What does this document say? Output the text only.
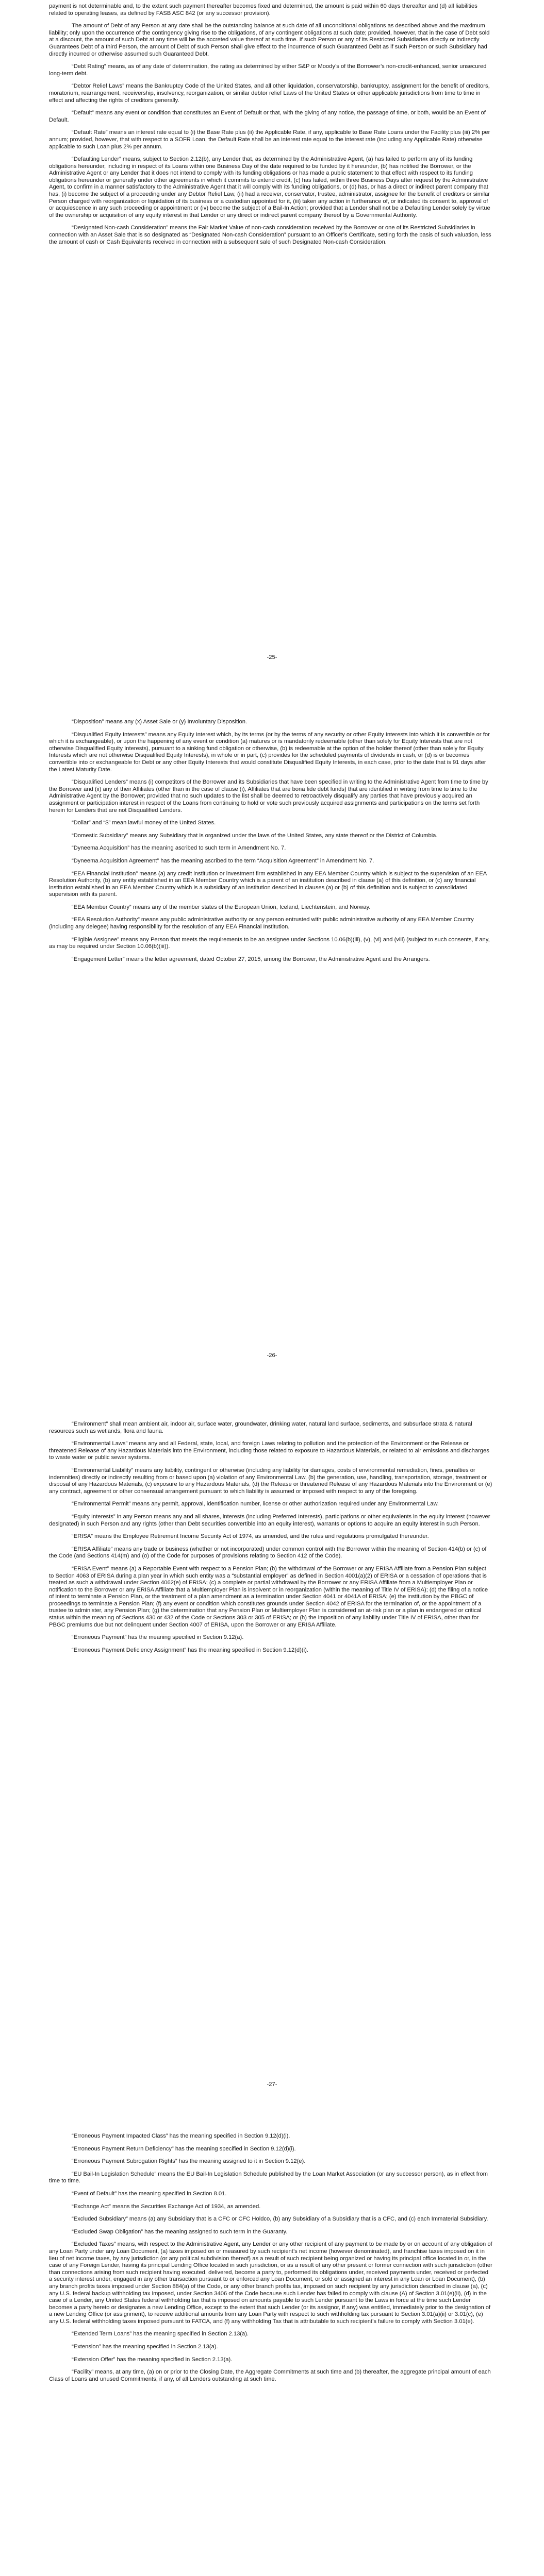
payment is not determinable and, to the extent such payment thereafter becomes fixed and determined, the amount is paid within 60 days thereafter and (d) all liabilities related to operating leases, as defined by FASB ASC 842 (or any successor provision).

The amount of Debt of any Person at any date shall be the outstanding balance at such date of all unconditional obligations as described above and the maximum liability; only upon the occurrence of the contingency giving rise to the obligations, of any contingent obligations at such date; provided, however, that in the case of Debt sold at a discount, the amount of such Debt at any time will be the accreted value thereof at such time. If such Person or any of its Restricted Subsidiaries directly or indirectly Guarantees Debt of a third Person, the amount of Debt of such Person shall give effect to the incurrence of such Guaranteed Debt as if such Person or such Subsidiary had directly incurred or otherwise assumed such Guaranteed Debt.

“Debt Rating” means, as of any date of determination, the rating as determined by either S&P or Moody’s of the Borrower’s non-credit-enhanced, senior unsecured long-term debt.

“Debtor Relief Laws” means the Bankruptcy Code of the United States, and all other liquidation, conservatorship, bankruptcy, assignment for the benefit of creditors, moratorium, rearrangement, receivership, insolvency, reorganization, or similar debtor relief Laws of the United States or other applicable jurisdictions from time to time in effect and affecting the rights of creditors generally.

“Default” means any event or condition that constitutes an Event of Default or that, with the giving of any notice, the passage of time, or both, would be an Event of Default.

“Default Rate” means an interest rate equal to (i) the Base Rate plus (ii) the Applicable Rate, if any, applicable to Base Rate Loans under the Facility plus (iii) 2% per annum; provided, however, that with respect to a SOFR Loan, the Default Rate shall be an interest rate equal to the interest rate (including any Applicable Rate) otherwise applicable to such Loan plus 2% per annum.

“Defaulting Lender” means, subject to Section 2.12(b), any Lender that, as determined by the Administrative Agent, (a) has failed to perform any of its funding obligations hereunder, including in respect of its Loans within one Business Day of the date required to be funded by it hereunder, (b) has notified the Borrower, or the Administrative Agent or any Lender that it does not intend to comply with its funding obligations or has made a public statement to that effect with respect to its funding obligations hereunder or generally under other agreements in which it commits to extend credit, (c) has failed, within three Business Days after request by the Administrative Agent, to confirm in a manner satisfactory to the Administrative Agent that it will comply with its funding obligations, or (d) has, or has a direct or indirect parent company that has, (i) become the subject of a proceeding under any Debtor Relief Law, (ii) had a receiver, conservator, trustee, administrator, assignee for the benefit of creditors or similar Person charged with reorganization or liquidation of its business or a custodian appointed for it, (iii) taken any action in furtherance of, or indicated its consent to, approval of or acquiescence in any such proceeding or appointment or (iv) become the subject of a Bail-In Action; provided that a Lender shall not be a Defaulting Lender solely by virtue of the ownership or acquisition of any equity interest in that Lender or any direct or indirect parent company thereof by a Governmental Authority.

“Designated Non-cash Consideration” means the Fair Market Value of non-cash consideration received by the Borrower or one of its Restricted Subsidiaries in connection with an Asset Sale that is so designated as “Designated Non-cash Consideration” pursuant to an Officer’s Certificate, setting forth the basis of such valuation, less the amount of cash or Cash Equivalents received in connection with a subsequent sale of such Designated Non-cash Consideration.

-25-

“Disposition” means any (x) Asset Sale or (y) Involuntary Disposition.

“Disqualified Equity Interests” means any Equity Interest which, by its terms (or by the terms of any security or other Equity Interests into which it is convertible or for which it is exchangeable), or upon the happening of any event or condition (a) matures or is mandatorily redeemable (other than solely for Equity Interests that are not otherwise Disqualified Equity Interests), pursuant to a sinking fund obligation or otherwise, (b) is redeemable at the option of the holder thereof (other than solely for Equity Interests which are not otherwise Disqualified Equity Interests), in whole or in part, (c) provides for the scheduled payments of dividends in cash, or (d) is or becomes convertible into or exchangeable for Debt or any other Equity Interests that would constitute Disqualified Equity Interests, in each case, prior to the date that is 91 days after the Latest Maturity Date.

“Disqualified Lenders” means (i) competitors of the Borrower and its Subsidiaries that have been specified in writing to the Administrative Agent from time to time by the Borrower and (ii) any of their Affiliates (other than in the case of clause (i), Affiliates that are bona fide debt funds) that are identified in writing from time to time to the Administrative Agent by the Borrower; provided that no such updates to the list shall be deemed to retroactively disqualify any parties that have previously acquired an assignment or participation interest in respect of the Loans from continuing to hold or vote such previously acquired assignments and participations on the terms set forth herein for Lenders that are not Disqualified Lenders.

“Dollar” and “$” mean lawful money of the United States.

“Domestic Subsidiary” means any Subsidiary that is organized under the laws of the United States, any state thereof or the District of Columbia.

“Dyneema Acquisition” has the meaning ascribed to such term in Amendment No. 7.

“Dyneema Acquisition Agreement” has the meaning ascribed to the term “Acquisition Agreement” in Amendment No. 7.

“EEA Financial Institution” means (a) any credit institution or investment firm established in any EEA Member Country which is subject to the supervision of an EEA Resolution Authority, (b) any entity established in an EEA Member Country which is a parent of an institution described in clause (a) of this definition, or (c) any financial institution established in an EEA Member Country which is a subsidiary of an institution described in clauses (a) or (b) of this definition and is subject to consolidated supervision with its parent.

“EEA Member Country” means any of the member states of the European Union, Iceland, Liechtenstein, and Norway.

“EEA Resolution Authority” means any public administrative authority or any person entrusted with public administrative authority of any EEA Member Country (including any delegee) having responsibility for the resolution of any EEA Financial Institution.

“Eligible Assignee” means any Person that meets the requirements to be an assignee under Sections 10.06(b)(iii), (v), (vi) and (viii) (subject to such consents, if any, as may be required under Section 10.06(b)(iii)).

“Engagement Letter” means the letter agreement, dated October 27, 2015, among the Borrower, the Administrative Agent and the Arrangers.

-26-

“Environment” shall mean ambient air, indoor air, surface water, groundwater, drinking water, natural land surface, sediments, and subsurface strata & natural resources such as wetlands, flora and fauna.

“Environmental Laws” means any and all Federal, state, local, and foreign Laws relating to pollution and the protection of the Environment or the Release or threatened Release of any Hazardous Materials into the Environment, including those related to exposure to Hazardous Materials, or related to air emissions and discharges to waste water or public sewer systems.

“Environmental Liability” means any liability, contingent or otherwise (including any liability for damages, costs of environmental remediation, fines, penalties or indemnities) directly or indirectly resulting from or based upon (a) violation of any Environmental Law, (b) the generation, use, handling, transportation, storage, treatment or disposal of any Hazardous Materials, (c) exposure to any Hazardous Materials, (d) the Release or threatened Release of any Hazardous Materials into the Environment or (e) any contract, agreement or other consensual arrangement pursuant to which liability is assumed or imposed with respect to any of the foregoing.

“Environmental Permit” means any permit, approval, identification number, license or other authorization required under any Environmental Law.

“Equity Interests” in any Person means any and all shares, interests (including Preferred Interests), participations or other equivalents in the equity interest (however designated) in such Person and any rights (other than Debt securities convertible into an equity interest), warrants or options to acquire an equity interest in such Person.

“ERISA” means the Employee Retirement Income Security Act of 1974, as amended, and the rules and regulations promulgated thereunder.

“ERISA Affiliate” means any trade or business (whether or not incorporated) under common control with the Borrower within the meaning of Section 414(b) or (c) of the Code (and Sections 414(m) and (o) of the Code for purposes of provisions relating to Section 412 of the Code).

“ERISA Event” means (a) a Reportable Event with respect to a Pension Plan; (b) the withdrawal of the Borrower or any ERISA Affiliate from a Pension Plan subject to Section 4063 of ERISA during a plan year in which such entity was a “substantial employer” as defined in Section 4001(a)(2) of ERISA or a cessation of operations that is treated as such a withdrawal under Section 4062(e) of ERISA; (c) a complete or partial withdrawal by the Borrower or any ERISA Affiliate from a Multiemployer Plan or notification to the Borrower or any ERISA Affiliate that a Multiemployer Plan is insolvent or in reorganization (within the meaning of Title IV of ERISA); (d) the filing of a notice of intent to terminate a Pension Plan, or the treatment of a plan amendment as a termination under Section 4041 or 4041A of ERISA; (e) the institution by the PBGC of proceedings to terminate a Pension Plan; (f) any event or condition which constitutes grounds under Section 4042 of ERISA for the termination of, or the appointment of a trustee to administer, any Pension Plan; (g) the determination that any Pension Plan or Multiemployer Plan is considered an at-risk plan or a plan in endangered or critical status within the meaning of Sections 430 or 432 of the Code or Sections 303 or 305 of ERISA; or (h) the imposition of any liability under Title IV of ERISA, other than for PBGC premiums due but not delinquent under Section 4007 of ERISA, upon the Borrower or any ERISA Affiliate.

“Erroneous Payment” has the meaning specified in Section 9.12(a).

“Erroneous Payment Deficiency Assignment” has the meaning specified in Section 9.12(d)(i).

-27-

“Erroneous Payment Impacted Class” has the meaning specified in Section 9.12(d)(i).

“Erroneous Payment Return Deficiency” has the meaning specified in Section 9.12(d)(i).

“Erroneous Payment Subrogation Rights” has the meaning assigned to it in Section 9.12(e).

“EU Bail-In Legislation Schedule” means the EU Bail-In Legislation Schedule published by the Loan Market Association (or any successor person), as in effect from time to time.

“Event of Default” has the meaning specified in Section 8.01.

“Exchange Act” means the Securities Exchange Act of 1934, as amended.

“Excluded Subsidiary” means (a) any Subsidiary that is a CFC or CFC Holdco, (b) any Subsidiary of a Subsidiary that is a CFC, and (c) each Immaterial Subsidiary.

“Excluded Swap Obligation” has the meaning assigned to such term in the Guaranty.

“Excluded Taxes” means, with respect to the Administrative Agent, any Lender or any other recipient of any payment to be made by or on account of any obligation of any Loan Party under any Loan Document, (a) taxes imposed on or measured by such recipient’s net income (however denominated), and franchise taxes imposed on it in lieu of net income taxes, by any jurisdiction (or any political subdivision thereof) as a result of such recipient being organized or having its principal office located in or, in the case of any Foreign Lender, having its principal Lending Office located in such jurisdiction, or as a result of any other present or former connection with such jurisdiction (other than connections arising from such recipient having executed, delivered, become a party to, performed its obligations under, received payments under, received or perfected a security interest under, engaged in any other transaction pursuant to or enforced any Loan Document, or sold or assigned an interest in any Loan or Loan Document), (b) any branch profits taxes imposed under Section 884(a) of the Code, or any other branch profits tax, imposed on such recipient by any jurisdiction described in clause (a), (c) any U.S. federal backup withholding tax imposed, under Section 3406 of the Code because such Lender has failed to comply with clause (A) of Section 3.01(e)(ii), (d) in the case of a Lender, any United States federal withholding tax that is imposed on amounts payable to such Lender pursuant to the Laws in force at the time such Lender becomes a party hereto or designates a new Lending Office, except to the extent that such Lender (or its assignor, if any) was entitled, immediately prior to the designation of a new Lending Office (or assignment), to receive additional amounts from any Loan Party with respect to such withholding tax pursuant to Section 3.01(a)(ii) or 3.01(c), (e) any U.S. federal withholding taxes imposed pursuant to FATCA, and (f) any withholding Tax that is attributable to such recipient’s failure to comply with Section 3.01(e).

“Extended Term Loans” has the meaning specified in Section 2.13(a).

“Extension” has the meaning specified in Section 2.13(a).

“Extension Offer” has the meaning specified in Section 2.13(a).

“Facility” means, at any time, (a) on or prior to the Closing Date, the Aggregate Commitments at such time and (b) thereafter, the aggregate principal amount of each Class of Loans and unused Commitments, if any, of all Lenders outstanding at such time.
